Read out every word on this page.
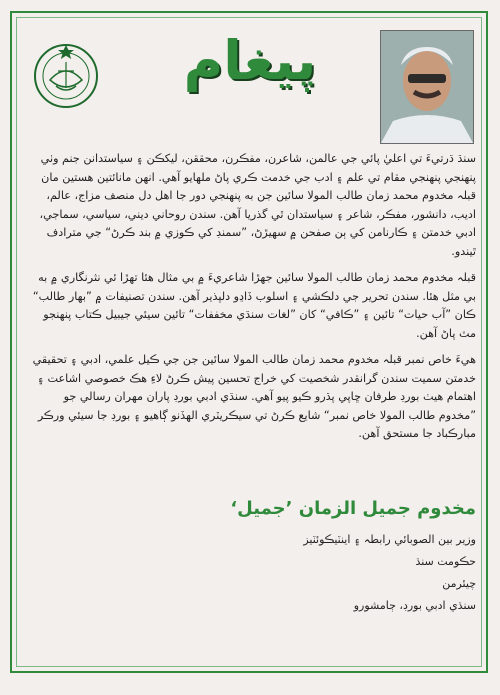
پيغام

سنڌ ڌرتيءَ تي اعليٰ پائي جي عالمن، شاعرن، مفڪرن، محققن، ليکڪن ۽ سياستدانن جنم وٺي پنهنجي پنهنجي مقام تي علم ۽ ادب جي خدمت ڪري پاڻ ملهايو آهي. انهن مانائتين هستين مان قبلہ مخدوم محمد زمان طالب المولا سائين جن به پنهنجي دور جا اهل دل منصف مزاج، عالم، اديب، دانشور، مفڪر، شاعر ۽ سياستدان ٿي گذريا آهن. سندن روحاني ديني، سياسي، سماجي، ادبي خدمتن ۽ ڪارنامن کي ٻن صفحن ۾ سهيڙڻ، ”سمنڊ کي ڪوزي ۾ بند ڪرڻ“ جي مترادف ٿيندو.

قبلہ مخدوم محمد زمان طالب المولا سائين جهڙا شاعريءَ ۾ بي مثال هئا تهڙا ئي نثرنگاري ۾ به بي مثل هئا. سندن تحرير جي دلڪشي ۽ اسلوب ڏاڍو دلپذير آهن. سندن تصنيفات ۾ ”بهار طالب“ ڪان ”آب حيات“ تائين ۽ ”ڪافي“ کان ”لغات سنڌي مخففات“ تائين سيئي جيبيل ڪتاب پنهنجو مٽ پاڻ آهن.

هيءَ خاص نمبر قبلہ مخدوم محمد زمان طالب المولا سائين جن جي ڪيل علمي، ادبي ۽ تحقيقي خدمتن سميت سندن گرانقدر شخصيت کي خراج تحسين پيش ڪرڻ لاءِ هڪ خصوصي اشاعت ۽ اهتمام هيٺ بورڊ طرفان ڇاپي پڌرو ڪيو پيو آهي. سنڌي ادبي بورڊ پاران مهران رسالي جو ”مخدوم طالب المولا خاص نمبر“ شايع ڪرڻ تي سيڪريٽري الهڏنو ڳاهيو ۽ بورڊ جا سيئي ورڪر مبارڪباد جا مستحق آهن.

مخدوم جميل الزمان ’جميل‘
وزير بين الصوبائي رابطہ ۽ اينٽيڪوئٽيز
حڪومت سنڌ
چيئرمن
سنڌي ادبي بورڊ، ڄامشورو
